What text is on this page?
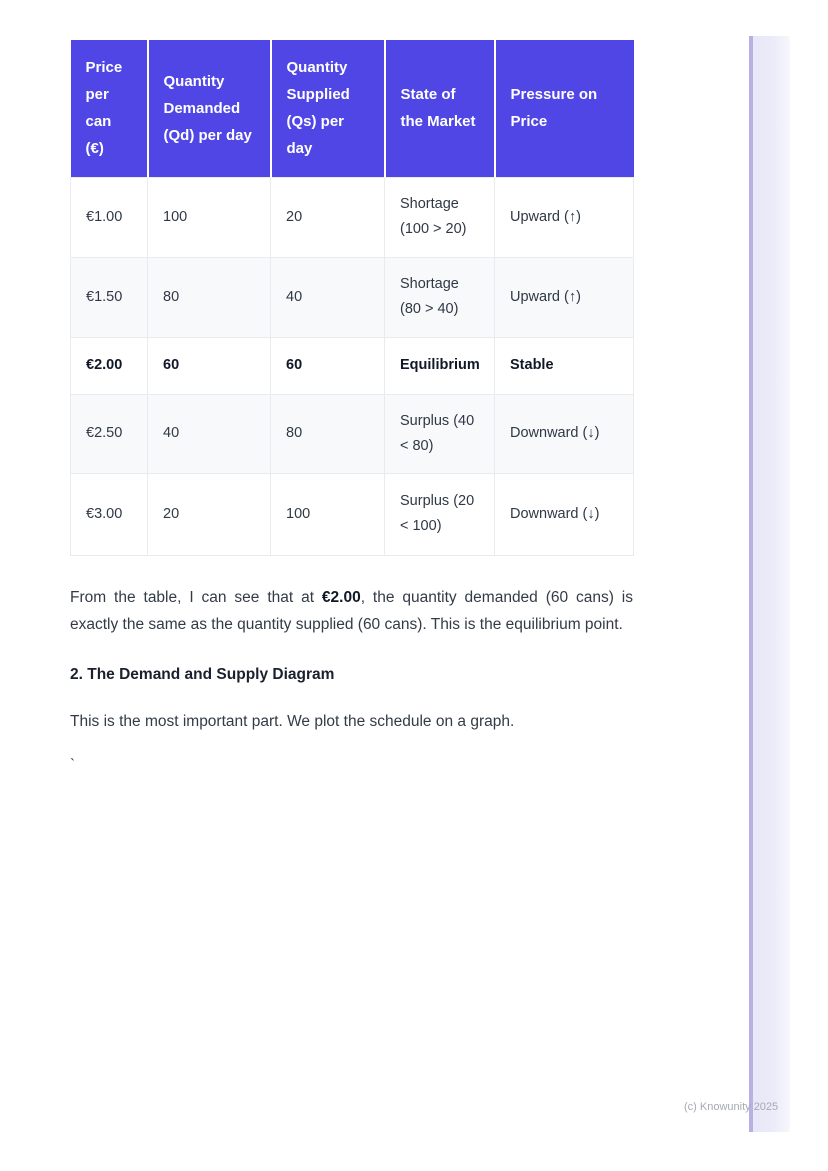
Price per can (€)	Quantity Demanded (Qd) per day	Quantity Supplied (Qs) per day	State of the Market	Pressure on Price
€1.00	100	20	Shortage (100 > 20)	Upward (↑)
€1.50	80	40	Shortage (80 > 40)	Upward (↑)
€2.00	60	60	Equilibrium	Stable
€2.50	40	80	Surplus (40 < 80)	Downward (↓)
€3.00	20	100	Surplus (20 < 100)	Downward (↓)

From the table, I can see that at €2.00, the quantity demanded (60 cans) is exactly the same as the quantity supplied (60 cans). This is the equilibrium point.

2. The Demand and Supply Diagram

This is the most important part. We plot the schedule on a graph.

`

(c) Knowunity 2025
